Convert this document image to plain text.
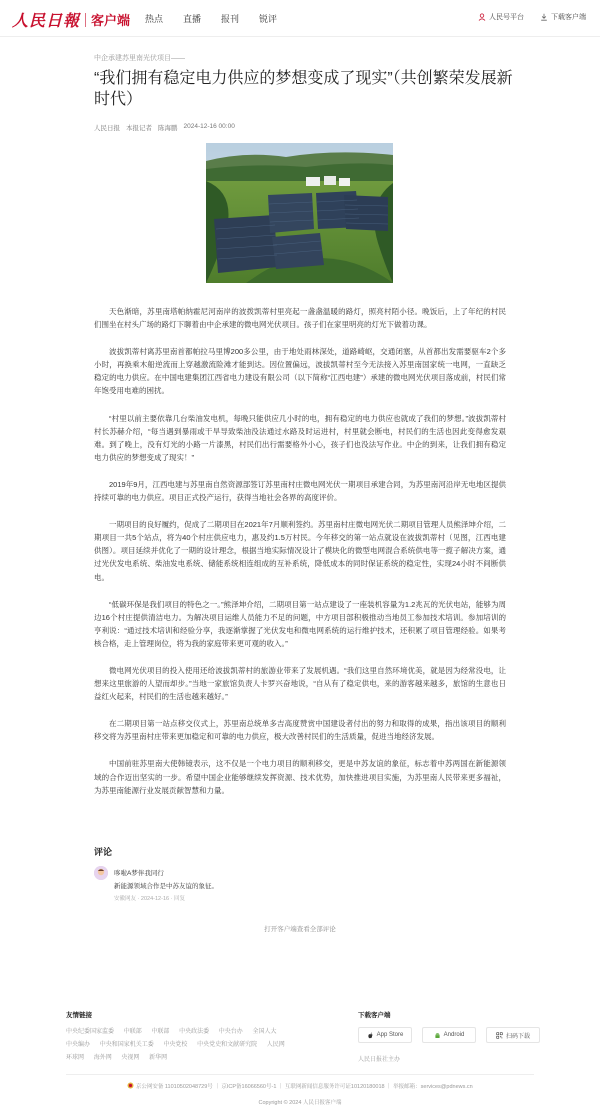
人民日報 客户端 热点 直播 报刊 锐评	人民号平台	下载客户端
中企承建苏里南光伏项目——
“我们拥有稳定电力供应的梦想变成了现实”（共创繁荣发展新时代）
人民日报 本报记者 陈海鹏 2024-12-16 00:00

天色渐暗，苏里南塔帕纳霍尼河南岸的波拨凯蒂村里亮起一盏盏温暖的路灯，照亮村陌小径。晚饭后，上了年纪的村民们围坐在村头广场的路灯下聊着由中企承建的微电网光伏项目。孩子们在家里明亮的灯光下做着功课。

波拔凯蒂村离苏里南首都帕拉马里博200多公里，由于地处雨林深处，道路崎岖，交通闭塞，从首都出发需要驱车2个多小时，再换乘木船逆流而上穿越激流险滩才能到达。因位置偏远，波拔凯蒂村至今无法接入苏里南国家统一电网，一直缺乏稳定的电力供应。在中国电建集团江西省电力建设有限公司（以下简称“江西电建”）承建的微电网光伏项目落成前，村民们常年饱受用电难的困扰。

“村里以前主要依靠几台柴油发电机，每晚只能供应几小时的电，拥有稳定的电力供应也就成了我们的梦想。”波拔凯蒂村村长苏赫介绍，“每当遇到暴雨或干旱导致柴油没法通过水路及时运进村，村里就会断电，村民们的生活也因此变得愈发艰难。到了晚上，没有灯光的小路一片漆黑，村民们出行需要格外小心，孩子们也没法写作业。中企的到来，让我们拥有稳定电力供应的梦想变成了现实！”

2019年9月，江西电建与苏里南自然资源部签订苏里南村庄微电网光伏一期项目承建合同，为苏里南河沿岸无电地区提供持续可靠的电力供应。项目正式投产运行，获得当地社会各界的高度评价。

一期项目的良好履约，促成了二期项目在2021年7月顺利签约。苏里南村庄微电网光伏二期项目管理人员熊泽坤介绍，二期项目一共5个站点，将为40个村庄供应电力，惠及约1.5万村民。今年移交的第一站点就设在波拔凯蒂村（见图，江西电建供图）。项目延续并优化了一期的设计理念，根据当地实际情况设计了模块化的微型电网混合系统供电等一揽子解决方案，通过光伏发电系统、柴油发电系统、储能系统相连组成的互补系统，降低成本的同时保证系统的稳定性，实现24小时不间断供电。

“低碳环保是我们项目的特色之一。”熊泽坤介绍，二期项目第一站点建设了一座装机容量为1.2兆瓦的光伏电站，能够为周边16个村庄提供清洁电力。为解决项目运维人员能力不足的问题，中方项目部积极推动当地员工参加技术培训。参加培训的亨利说：“通过技术培训和经验分享，我逐渐掌握了光伏发电和微电网系统的运行维护技术，还积累了项目管理经验。如果考核合格，走上管理岗位，将为我的家庭带来更可观的收入。”

微电网光伏项目的投入使用还给波拔凯蒂村的旅游业带来了发展机遇。“我们这里自然环境优美，就是因为经常没电，让想来这里旅游的人望而却步。”当地一家旅馆负责人卡罗兴奋地说，“自从有了稳定供电，来的游客越来越多，旅馆的生意也日益红火起来，村民们的生活也越来越好。”

在二期项目第一站点移交仪式上，苏里南总统单多吉高度赞赏中国建设者付出的努力和取得的成果，指出该项目的顺利移交将为苏里南村庄带来更加稳定和可靠的电力供应，极大改善村民们的生活质量，促进当地经济发展。

中国前驻苏里南大使韩镜表示，这不仅是一个电力项目的顺利移交，更是中苏友谊的象征，标志着中苏两国在新能源领域的合作迈出坚实的一步。希望中国企业能够继续发挥资源、技术优势，加快推进项目实施，为苏里南人民带来更多福祉，为苏里南能源行业发展贡献智慧和力量。

评论
哆啦A梦伴我同行
新能源领域合作是中苏友谊的象征。
安徽网友 · 2024-12-16 · 回复
打开客户端查看全部评论
友情链接
中央纪委国家监委 中联部 中联部 中央政法委 中央台办 全国人大 中央编办 中央和国家机关工委 中央党校 中央党史和文献研究院 人民网 环球网 海外网 央视网 新华网
下载客户端
App Store	Android	扫码下载
人民日报社主办
京公网安备 11010502048729号 ｜ 京ICP备16066560号-1 ｜ 互联网新闻信息服务许可证10120180018 ｜ 举报邮箱：services@pdnews.cn
Copyright © 2024 人民日报客户端
